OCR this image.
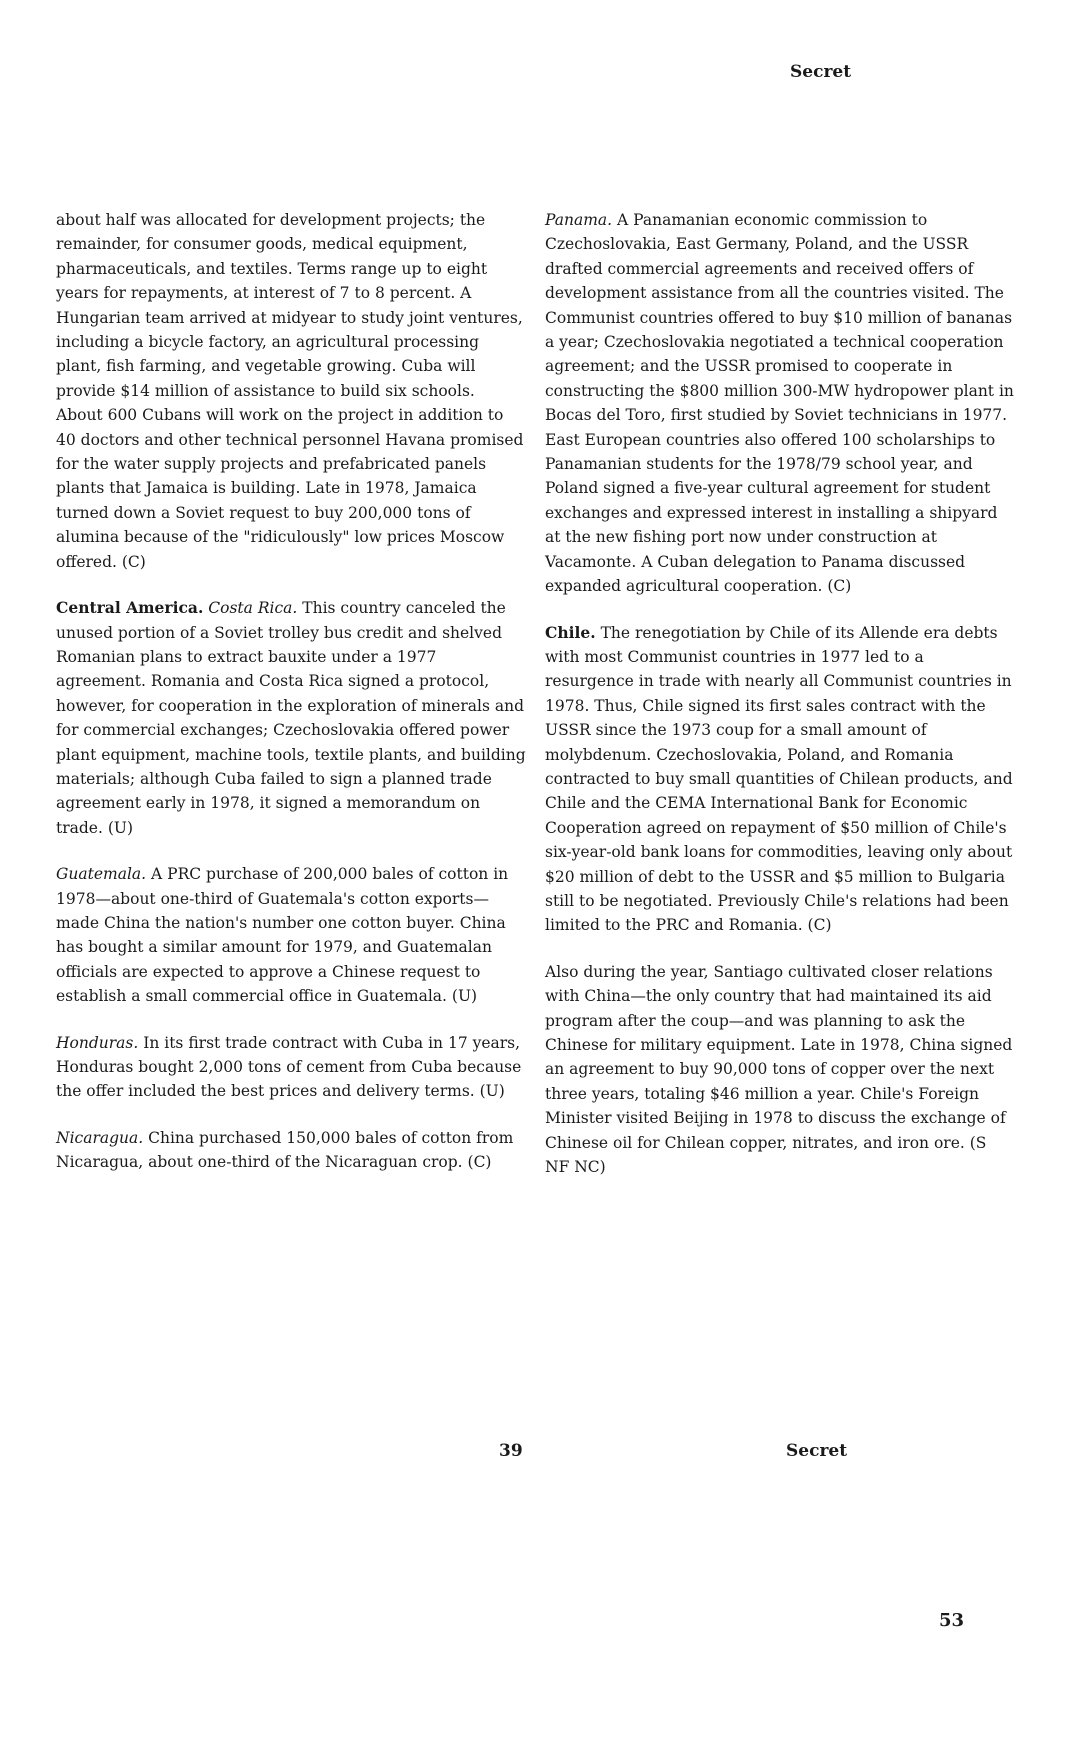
Secret

about half was allocated for development projects; the remainder, for consumer goods, medical equipment, pharmaceuticals, and textiles. Terms range up to eight years for repayments, at interest of 7 to 8 percent. A Hungarian team arrived at midyear to study joint ventures, including a bicycle factory, an agricultural processing plant, fish farming, and vegetable growing. Cuba will provide $14 million of assistance to build six schools. About 600 Cubans will work on the project in addition to 40 doctors and other technical personnel Havana promised for the water supply projects and prefabricated panels plants that Jamaica is building. Late in 1978, Jamaica turned down a Soviet request to buy 200,000 tons of alumina because of the "ridiculously" low prices Moscow offered. (C)

Central America. Costa Rica. This country canceled the unused portion of a Soviet trolley bus credit and shelved Romanian plans to extract bauxite under a 1977 agreement. Romania and Costa Rica signed a protocol, however, for cooperation in the exploration of minerals and for commercial exchanges; Czechoslovakia offered power plant equipment, machine tools, textile plants, and building materials; although Cuba failed to sign a planned trade agreement early in 1978, it signed a memorandum on trade. (U)

Guatemala. A PRC purchase of 200,000 bales of cotton in 1978—about one-third of Guatemala's cotton exports—made China the nation's number one cotton buyer. China has bought a similar amount for 1979, and Guatemalan officials are expected to approve a Chinese request to establish a small commercial office in Guatemala. (U)

Honduras. In its first trade contract with Cuba in 17 years, Honduras bought 2,000 tons of cement from Cuba because the offer included the best prices and delivery terms. (U)

Nicaragua. China purchased 150,000 bales of cotton from Nicaragua, about one-third of the Nicaraguan crop. (C)

Panama. A Panamanian economic commission to Czechoslovakia, East Germany, Poland, and the USSR drafted commercial agreements and received offers of development assistance from all the countries visited. The Communist countries offered to buy $10 million of bananas a year; Czechoslovakia negotiated a technical cooperation agreement; and the USSR promised to cooperate in constructing the $800 million 300-MW hydropower plant in Bocas del Toro, first studied by Soviet technicians in 1977. East European countries also offered 100 scholarships to Panamanian students for the 1978/79 school year, and Poland signed a five-year cultural agreement for student exchanges and expressed interest in installing a shipyard at the new fishing port now under construction at Vacamonte. A Cuban delegation to Panama discussed expanded agricultural cooperation. (C)

Chile. The renegotiation by Chile of its Allende era debts with most Communist countries in 1977 led to a resurgence in trade with nearly all Communist countries in 1978. Thus, Chile signed its first sales contract with the USSR since the 1973 coup for a small amount of molybdenum. Czechoslovakia, Poland, and Romania contracted to buy small quantities of Chilean products, and Chile and the CEMA International Bank for Economic Cooperation agreed on repayment of $50 million of Chile's six-year-old bank loans for commodities, leaving only about $20 million of debt to the USSR and $5 million to Bulgaria still to be negotiated. Previously Chile's relations had been limited to the PRC and Romania. (C)

Also during the year, Santiago cultivated closer relations with China—the only country that had maintained its aid program after the coup—and was planning to ask the Chinese for military equipment. Late in 1978, China signed an agreement to buy 90,000 tons of copper over the next three years, totaling $46 million a year. Chile's Foreign Minister visited Beijing in 1978 to discuss the exchange of Chinese oil for Chilean copper, nitrates, and iron ore. (S NF NC)

39	Secret
53
